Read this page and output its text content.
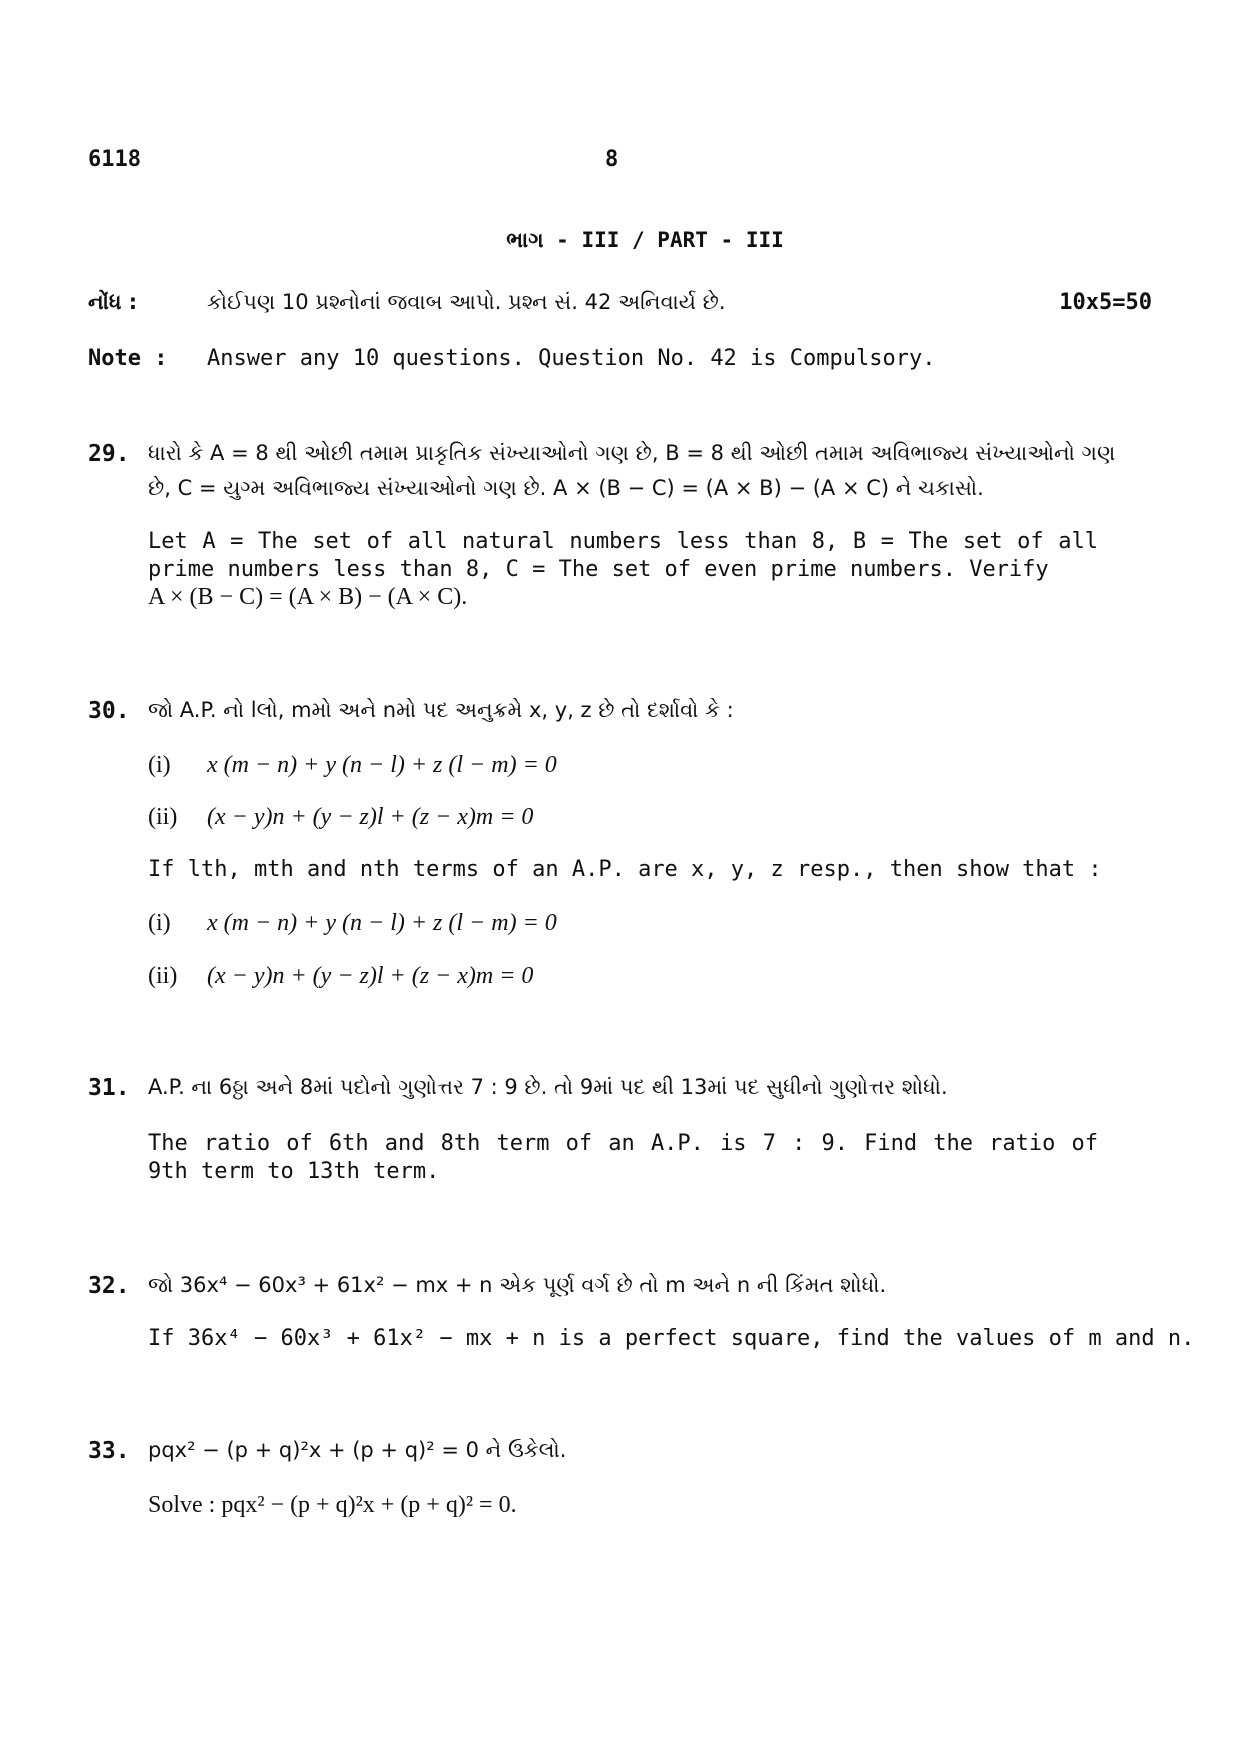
6118	8
ભાગ - III / PART - III
નોંધ :	કોઈપણ 10 પ્રશ્નોનાં જવાબ આપો. પ્રશ્ન સં. 42 અનિવાર્ય છે.	10x5=50
Note : Answer any 10 questions. Question No. 42 is Compulsory.
29. ધારો કે A = 8 થી ઓછી તમામ પ્રાકૃતિક સંખ્યાઓનો ગણ છે, B = 8 થી ઓછી તમામ અવિભાજ્ય સંખ્યાઓનો ગણ
છે, C = યુગ્મ અવિભાજ્ય સંખ્યાઓનો ગણ છે. A × (B − C) = (A × B) − (A × C) ને ચકાસો.
Let A = The set of all natural numbers less than 8, B = The set of all prime numbers less than 8, C = The set of even prime numbers. Verify
A × (B − C) = (A × B) − (A × C).
30. જો A.P. નો lલો, mમો અને nમો પદ અનુક્રમે x, y, z છે તો દર્શાવો કે :
(i) x (m − n) + y (n − l) + z (l − m) = 0
(ii) (x − y)n + (y − z)l + (z − x)m = 0
If lth, mth and nth terms of an A.P. are x, y, z resp., then show that :
(i) x (m − n) + y (n − l) + z (l − m) = 0
(ii) (x − y)n + (y − z)l + (z − x)m = 0
31. A.P. ના 6ઠ્ઠા અને 8માં પદોનો ગુણોત્તર 7 : 9 છે. તો 9માં પદ થી 13માં પદ સુધીનો ગુણોત્તર શોધો.
The ratio of 6th and 8th term of an A.P. is 7 : 9. Find the ratio of 9th term to 13th term.
32. જો 36x⁴ − 60x³ + 61x² − mx + n એક પૂર્ણ વર્ગ છે તો m અને n ની કિંમત શોધો.
If 36x⁴ − 60x³ + 61x² − mx + n is a perfect square, find the values of m and n.
33. pqx² − (p + q)²x + (p + q)² = 0 ને ઉકેલો.
Solve : pqx² − (p + q)²x + (p + q)² = 0.
